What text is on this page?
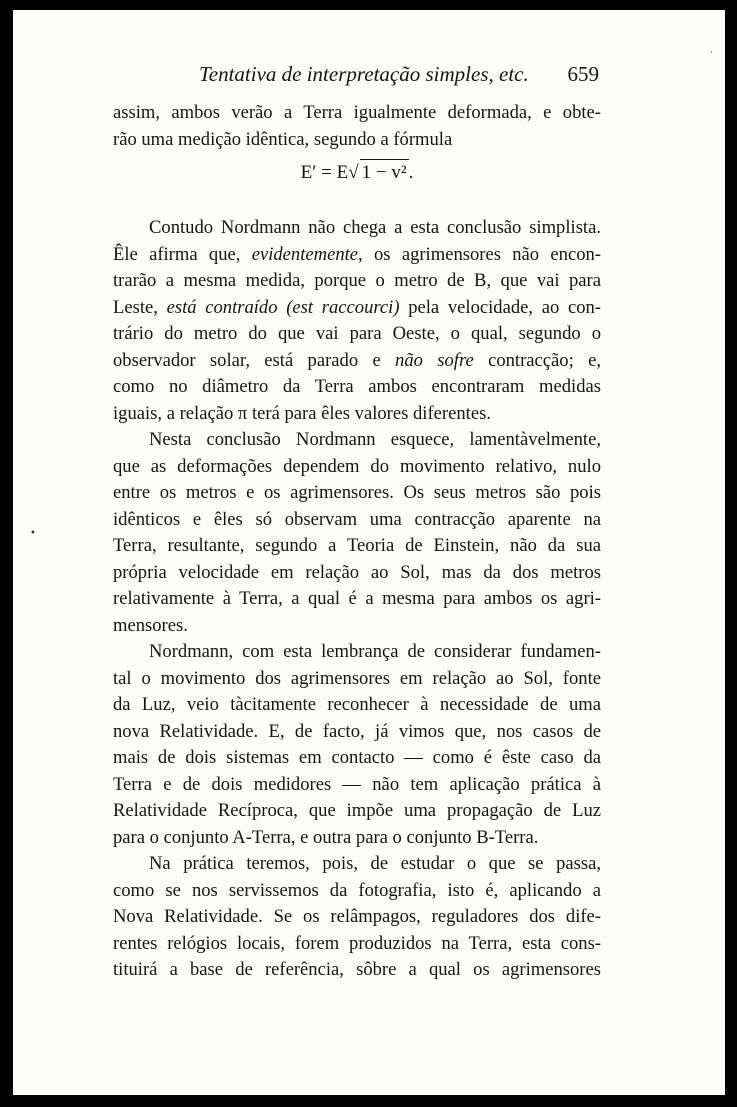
·
Tentativa de interpretação simples, etc. 659
•
assim, ambos verão a Terra igualmente deformada, e obte-
rão uma medição idêntica, segundo a fórmula
E′ = E√ 1 − v² .
Contudo Nordmann não chega a esta conclusão simplista.
Êle afirma que, evidentemente, os agrimensores não encon-
trarão a mesma medida, porque o metro de B, que vai para
Leste, está contraído (est raccourci) pela velocidade, ao con-
trário do metro do que vai para Oeste, o qual, segundo o
observador solar, está parado e não sofre contracção; e,
como no diâmetro da Terra ambos encontraram medidas
iguais, a relação π terá para êles valores diferentes.
Nesta conclusão Nordmann esquece, lamentàvelmente,
que as deformações dependem do movimento relativo, nulo
entre os metros e os agrimensores. Os seus metros são pois
idênticos e êles só observam uma contracção aparente na
Terra, resultante, segundo a Teoria de Einstein, não da sua
própria velocidade em relação ao Sol, mas da dos metros
relativamente à Terra, a qual é a mesma para ambos os agri-
mensores.
Nordmann, com esta lembrança de considerar fundamen-
tal o movimento dos agrimensores em relação ao Sol, fonte
da Luz, veio tàcitamente reconhecer à necessidade de uma
nova Relatividade. E, de facto, já vimos que, nos casos de
mais de dois sistemas em contacto — como é êste caso da
Terra e de dois medidores — não tem aplicação prática à
Relatividade Recíproca, que impõe uma propagação de Luz
para o conjunto A-Terra, e outra para o conjunto B-Terra.
Na prática teremos, pois, de estudar o que se passa,
como se nos servissemos da fotografia, isto é, aplicando a
Nova Relatividade. Se os relâmpagos, reguladores dos dife-
rentes relógios locais, forem produzidos na Terra, esta cons-
tituirá a base de referência, sôbre a qual os agrimensores
